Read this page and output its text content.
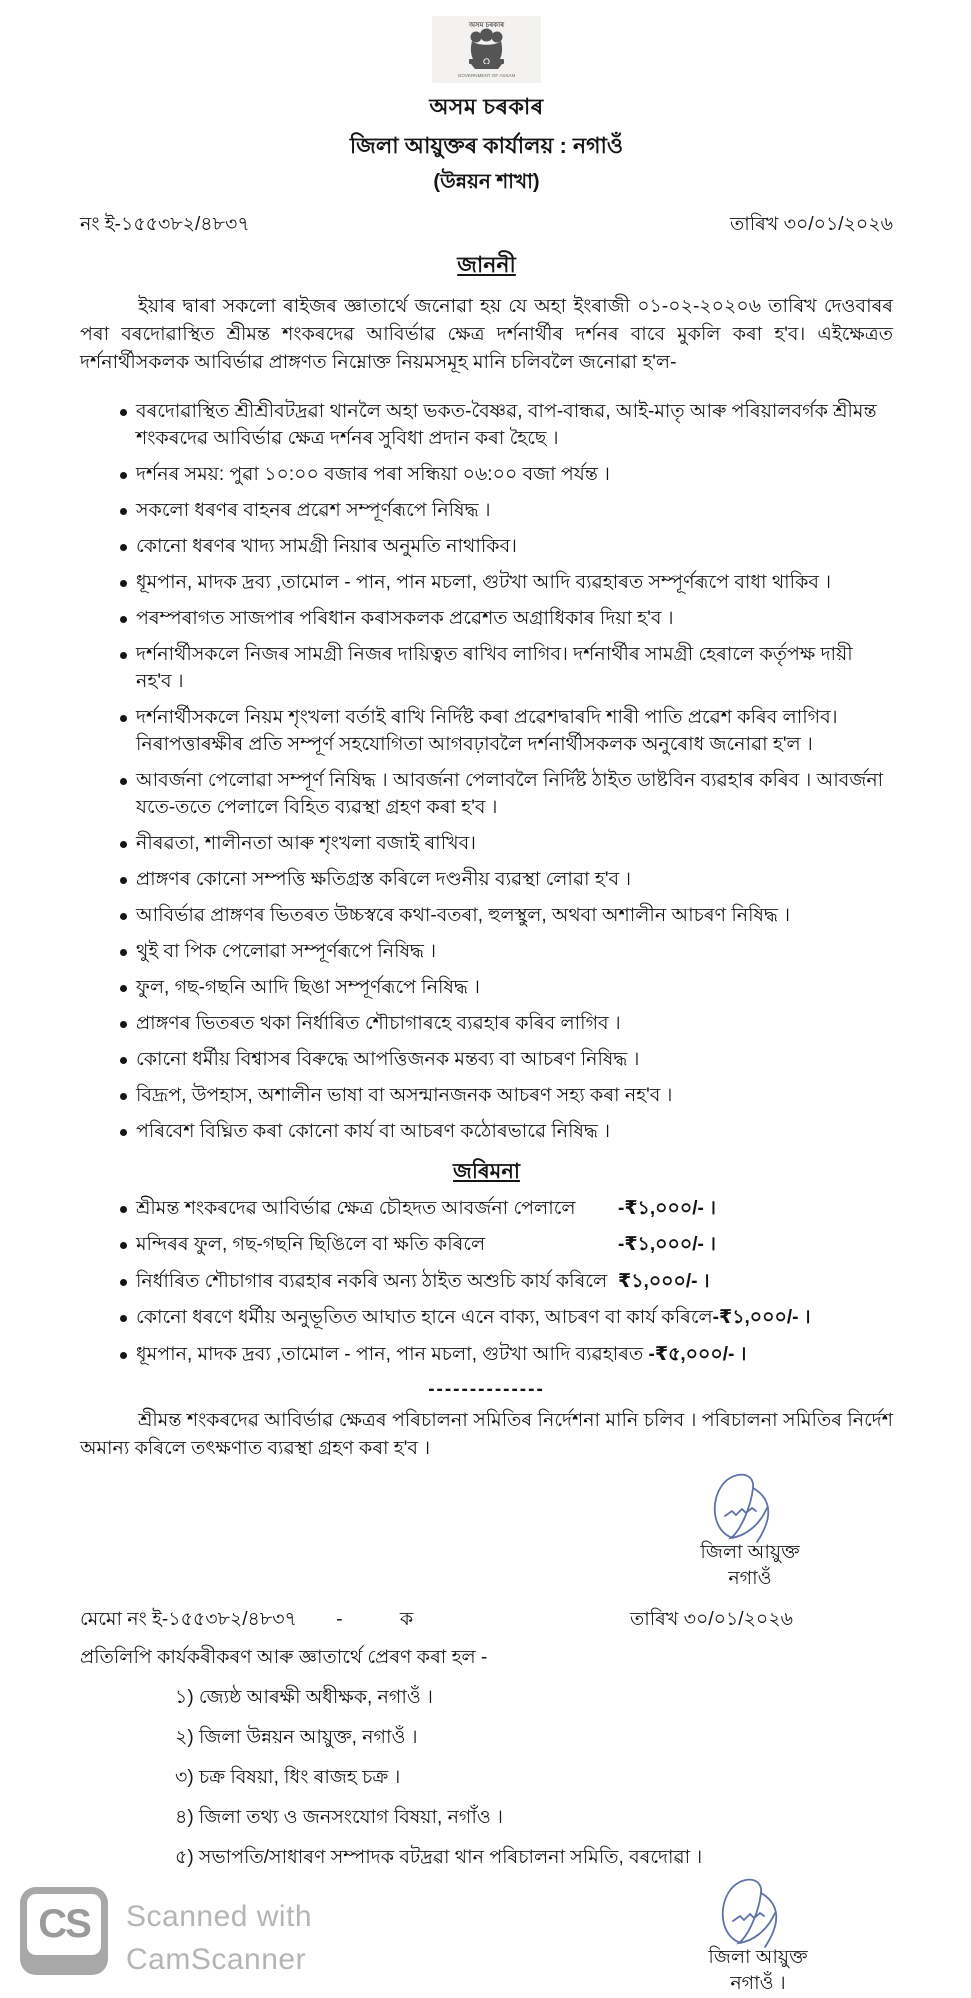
অসম চৰকাৰ
GOVERNMENT OF ASSAM
অসম চৰকাৰ
জিলা আয়ুক্তৰ কাৰ্যালয় : নগাওঁ
(উন্নয়ন শাখা)
নং ই-১৫৫৩৮২/৪৮৩৭	তাৰিখ ৩০/০১/২০২৬
জাননী

ইয়াৰ দ্বাৰা সকলো ৰাইজৰ জ্ঞাতাৰ্থে জনোৱা হয় যে অহা ইংৰাজী ০১-০২-২০২০৬ তাৰিখ দেওবাৰৰ পৰা বৰদোৱাস্থিত শ্ৰীমন্ত শংকৰদেৱ আবিৰ্ভাৱ ক্ষেত্ৰ দৰ্শনাৰ্থীৰ দৰ্শনৰ বাবে মুকলি কৰা হ'ব। এইক্ষেত্ৰত দৰ্শনাৰ্থীসকলক আবিৰ্ভাৱ প্ৰাঙ্গণত নিম্নোক্ত নিয়মসমূহ মানি চলিবলৈ জনোৱা হ'ল-

বৰদোৱাস্থিত শ্ৰীশ্ৰীবটদ্ৰৱা থানলৈ অহা ভকত-বৈষ্ণৱ, বাপ-বান্ধৱ, আই-মাতৃ আৰু পৰিয়ালবৰ্গক শ্ৰীমন্ত শংকৰদেৱ আবিৰ্ভাৱ ক্ষেত্ৰ দৰ্শনৰ সুবিধা প্ৰদান কৰা হৈছে ।
দৰ্শনৰ সময়: পুৱা ১০:০০ বজাৰ পৰা সন্ধিয়া ০৬:০০ বজা পৰ্যন্ত ।
সকলো ধৰণৰ বাহনৰ প্ৰৱেশ সম্পূৰ্ণৰূপে নিষিদ্ধ ।
কোনো ধৰণৰ খাদ্য সামগ্ৰী নিয়াৰ অনুমতি নাথাকিব।
ধূমপান, মাদক দ্ৰব্য ,তামোল - পান, পান মচলা, গুটখা আদি ব্যৱহাৰত সম্পূৰ্ণৰূপে বাধা থাকিব ।
পৰম্পৰাগত সাজপাৰ পৰিধান কৰাসকলক প্ৰৱেশত অগ্ৰাধিকাৰ দিয়া হ'ব ।
দৰ্শনাৰ্থীসকলে নিজৰ সামগ্ৰী নিজৰ দায়িত্বত ৰাখিব লাগিব। দৰ্শনাৰ্থীৰ সামগ্ৰী হেৰালে কৰ্তৃপক্ষ দায়ী নহ'ব ।
দৰ্শনাৰ্থীসকলে নিয়ম শৃংখলা বৰ্তাই ৰাখি নিৰ্দিষ্ট কৰা প্ৰৱেশদ্বাৰদি শাৰী পাতি প্ৰৱেশ কৰিব লাগিব।নিৰাপত্তাৰক্ষীৰ প্ৰতি সম্পূৰ্ণ সহযোগিতা আগবঢ়াবলৈ দৰ্শনাৰ্থীসকলক অনুৰোধ জনোৱা হ'ল ।
আবৰ্জনা পেলোৱা সম্পূৰ্ণ নিষিদ্ধ । আবৰ্জনা পেলাবলৈ নিৰ্দিষ্ট ঠাইত ডাষ্টবিন ব্যৱহাৰ কৰিব । আবৰ্জনা যতে-ততে পেলালে বিহিত ব্যৱস্থা গ্ৰহণ কৰা হ'ব ।
নীৰৱতা, শালীনতা আৰু শৃংখলা বজাই ৰাখিব।
প্ৰাঙ্গণৰ কোনো সম্পত্তি ক্ষতিগ্ৰস্ত কৰিলে দণ্ডনীয় ব্যৱস্থা লোৱা হ'ব ।
আবিৰ্ভাৱ প্ৰাঙ্গণৰ ভিতৰত উচ্চস্বৰে কথা-বতৰা, হুলস্থুল, অথবা অশালীন আচৰণ নিষিদ্ধ ।
থুই বা পিক পেলোৱা সম্পূৰ্ণৰূপে নিষিদ্ধ ।
ফুল, গছ-গছনি আদি ছিঙা সম্পূৰ্ণৰূপে নিষিদ্ধ ।
প্ৰাঙ্গণৰ ভিতৰত থকা নিৰ্ধাৰিত শৌচাগাৰহে ব্যৱহাৰ কৰিব লাগিব ।
কোনো ধৰ্মীয় বিশ্বাসৰ বিৰুদ্ধে আপত্তিজনক মন্তব্য বা আচৰণ নিষিদ্ধ ।
বিদ্ৰূপ, উপহাস, অশালীন ভাষা বা অসন্মানজনক আচৰণ সহ্য কৰা নহ'ব ।
পৰিবেশ বিঘ্নিত কৰা কোনো কাৰ্য বা আচৰণ কঠোৰভাৱে নিষিদ্ধ ।
জৰিমনা
শ্ৰীমন্ত শংকৰদেৱ আবিৰ্ভাৱ ক্ষেত্ৰ চৌহদত আবৰ্জনা পেলালে	-₹১,০০০/- ।
মন্দিৰৰ ফুল, গছ-গছনি ছিঙিলে বা ক্ষতি কৰিলে	-₹১,০০০/- ।
নিৰ্ধাৰিত শৌচাগাৰ ব্যৱহাৰ নকৰি অন্য ঠাইত অশুচি কাৰ্য কৰিলে ₹১,০০০/- ।
কোনো ধৰণে ধৰ্মীয় অনুভূতিত আঘাত হানে এনে বাক্য, আচৰণ বা কাৰ্য কৰিলে-₹১,০০০/- ।
ধূমপান, মাদক দ্ৰব্য ,তামোল - পান, পান মচলা, গুটখা আদি ব্যৱহাৰত -₹৫,০০০/- ।
--------------

শ্ৰীমন্ত শংকৰদেৱ আবিৰ্ভাৱ ক্ষেত্ৰৰ পৰিচালনা সমিতিৰ নিৰ্দেশনা মানি চলিব । পৰিচালনা সমিতিৰ নিৰ্দেশ অমান্য কৰিলে তৎক্ষণাত ব্যৱস্থা গ্ৰহণ কৰা হ'ব ।

জিলা আয়ুক্ত
নগাওঁ
মেমো নং ই-১৫৫৩৮২/৪৮৩৭ -	ক	তাৰিখ ৩০/০১/২০২৬
প্ৰতিলিপি কাৰ্যকৰীকৰণ আৰু জ্ঞাতাৰ্থে প্ৰেৰণ কৰা হল -
১) জ্যেষ্ঠ আৰক্ষী অধীক্ষক, নগাওঁ ।
২) জিলা উন্নয়ন আয়ুক্ত, নগাওঁ ।
৩) চক্ৰ বিষয়া, ধিং ৰাজহ চক্ৰ ।
৪) জিলা তথ্য ও জনসংযোগ বিষয়া, নগাঁও ।
৫) সভাপতি/সাধাৰণ সম্পাদক বটদ্ৰৱা থান পৰিচালনা সমিতি, বৰদোৱা ।
জিলা আয়ুক্ত
নগাওঁ ।
CS Scanned with
CamScanner
